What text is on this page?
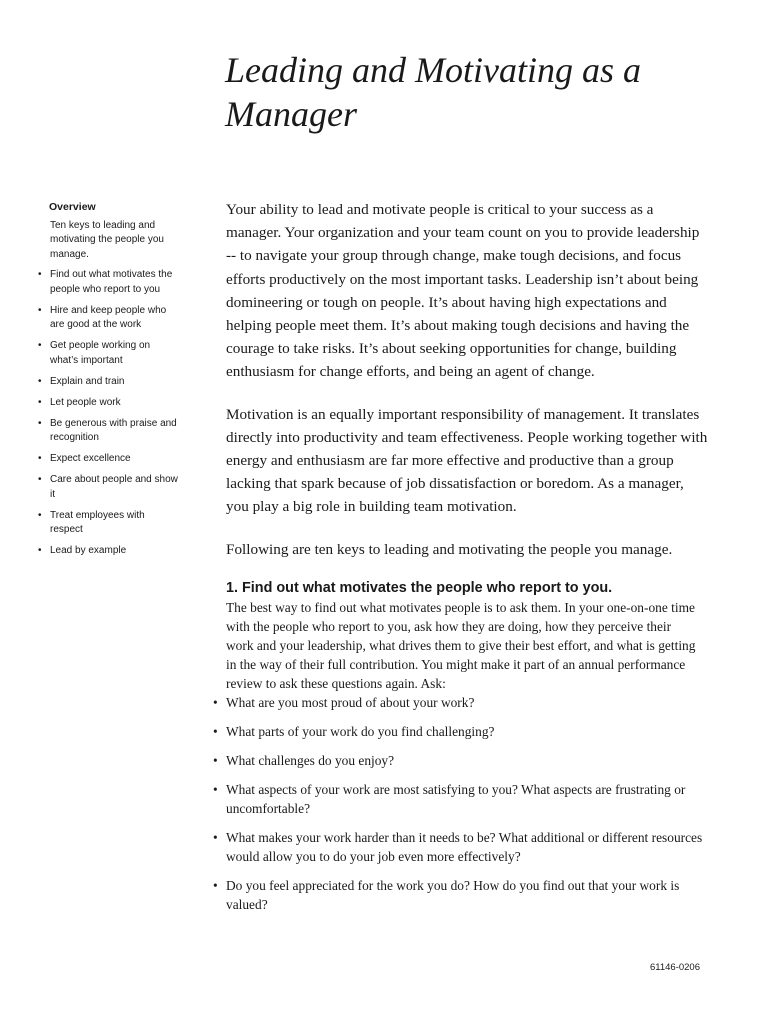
Leading and Motivating as a Manager
Overview
Ten keys to leading and motivating the people you manage.
• Find out what motivates the people who report to you
• Hire and keep people who are good at the work
• Get people working on what’s important
• Explain and train
• Let people work
• Be generous with praise and recognition
• Expect excellence
• Care about people and show it
• Treat employees with respect
• Lead by example

Your ability to lead and motivate people is critical to your success as a manager. Your organization and your team count on you to provide leadership -- to navigate your group through change, make tough decisions, and focus efforts productively on the most important tasks. Leadership isn’t about being domineering or tough on people. It’s about having high expectations and helping people meet them. It’s about making tough decisions and having the courage to take risks. It’s about seeking opportunities for change, building enthusiasm for change efforts, and being an agent of change.

Motivation is an equally important responsibility of management. It translates directly into productivity and team effectiveness. People working together with energy and enthusiasm are far more effective and productive than a group lacking that spark because of job dissatisfaction or boredom. As a manager, you play a big role in building team motivation.

Following are ten keys to leading and motivating the people you manage.

1. Find out what motivates the people who report to you.

The best way to find out what motivates people is to ask them. In your one-on-one time with the people who report to you, ask how they are doing, how they perceive their work and your leadership, what drives them to give their best effort, and what is getting in the way of their full contribution. You might make it part of an annual performance review to ask these questions again. Ask:

• What are you most proud of about your work?
• What parts of your work do you find challenging?
• What challenges do you enjoy?
• What aspects of your work are most satisfying to you? What aspects are frustrating or uncomfortable?
• What makes your work harder than it needs to be? What additional or different resources would allow you to do your job even more effectively?
• Do you feel appreciated for the work you do? How do you find out that your work is valued?
61146-0206
